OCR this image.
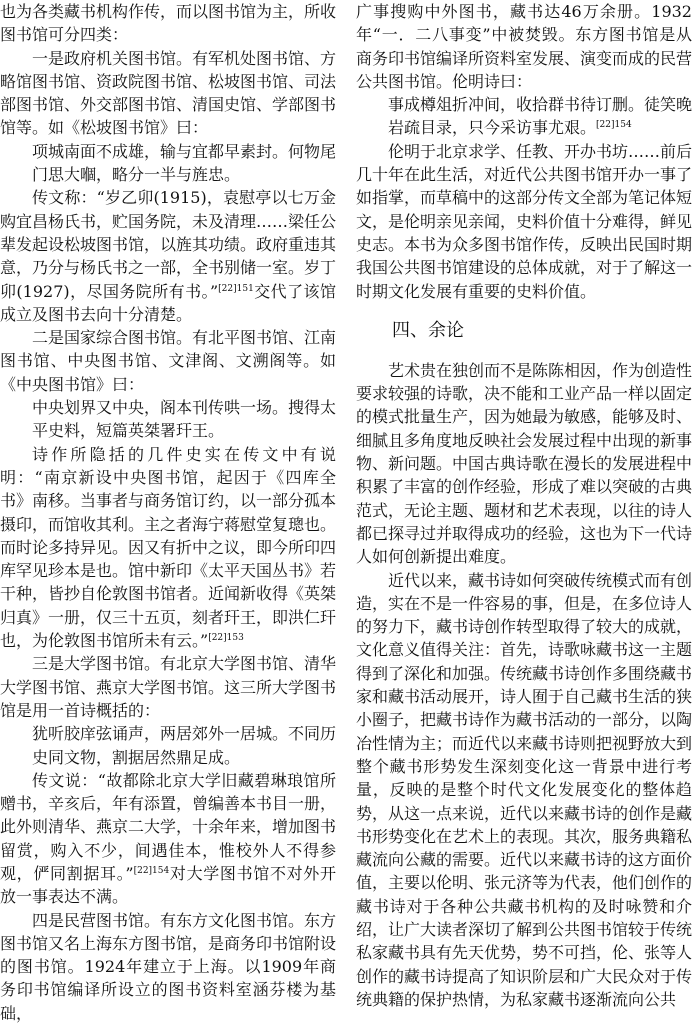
也为各类藏书机构作传，而以图书馆为主，所收图书馆可分四类：

一是政府机关图书馆。有军机处图书馆、方略馆图书馆、资政院图书馆、松坡图书馆、司法部图书馆、外交部图书馆、清国史馆、学部图书馆等。如《松坡图书馆》曰：

项城南面不成雄，输与宜都早素封。何物尾门思大嗰，略分一半与旌忠。

传文称：“岁乙卯(1915)，袁慰亭以七万金购宜昌杨氏书，贮国务院，未及清理……梁任公辈发起设松坡图书馆，以旌其功绩。政府重违其意，乃分与杨氏书之一部，全书别储一室。岁丁卯(1927)，尽国务院所有书。”$^{[22]151}$交代了该馆成立及图书去向十分清楚。

二是国家综合图书馆。有北平图书馆、江南图书馆、中央图书馆、文津阁、文溯阁等。如《中央图书馆》曰：

中央划界又中央，阁本刊传哄一场。搜得太平史料，短篇英桀署玕王。

诗作所隐括的几件史实在传文中有说明：“南京新设中央图书馆，起因于《四库全书》南移。当事者与商务馆订约，以一部分孤本摄印，而馆收其利。主之者海宁蒋慰堂复璁也。而时论多持异见。因又有折中之议，即今所印四库罕见珍本是也。馆中新印《太平天国丛书》若干种，皆抄自伦敦图书馆者。近闻新收得《英桀归真》一册，仅三十五页，刻者玕王，即洪仁玕也，为伦敦图书馆所未有云。”$^{[22]153}$

三是大学图书馆。有北京大学图书馆、清华大学图书馆、燕京大学图书馆。这三所大学图书馆是用一首诗概括的：

犹听胶庠弦诵声，两居郊外一居城。不同历史同文物，割据居然鼎足成。

传文说：“故都除北京大学旧藏碧琳琅馆所赠书，辛亥后，年有添置，曾编善本书目一册，此外则清华、燕京二大学，十余年来，增加图书留赏，购入不少，间遇佳本，惟校外人不得参观，俨同割据耳。”$^{[22]154}$对大学图书馆不对外开放一事表达不满。

四是民营图书馆。有东方文化图书馆。东方图书馆又名上海东方图书馆，是商务印书馆附设的图书馆。1924年建立于上海。以1909年商务印书馆编译所设立的图书资料室涵芬楼为基础，

广事搜购中外图书，藏书达46万余册。1932年“一．二八事变”中被焚毁。东方图书馆是从商务印书馆编译所资料室发展、演变而成的民营公共图书馆。伦明诗曰：

事成樽俎折冲间，收拾群书待订删。徒笑晚岩疏目录，只今采访事尤艰。$^{[22]154}$

伦明于北京求学、任教、开办书坊……前后几十年在此生活，对近代公共图书馆开办一事了如指掌，而草稿中的这部分传文全部为笔记体短文，是伦明亲见亲闻，史料价值十分难得，鲜见史志。本书为众多图书馆作传，反映出民国时期我国公共图书馆建设的总体成就，对于了解这一时期文化发展有重要的史料价值。

四、余论

艺术贵在独创而不是陈陈相因，作为创造性要求较强的诗歌，决不能和工业产品一样以固定的模式批量生产，因为她最为敏感，能够及时、细腻且多角度地反映社会发展过程中出现的新事物、新问题。中国古典诗歌在漫长的发展进程中积累了丰富的创作经验，形成了难以突破的古典范式，无论主题、题材和艺术表现，以往的诗人都已探寻过并取得成功的经验，这也为下一代诗人如何创新提出难度。

近代以来，藏书诗如何突破传统模式而有创造，实在不是一件容易的事，但是，在多位诗人的努力下，藏书诗创作转型取得了较大的成就，文化意义值得关注：首先，诗歌咏藏书这一主题得到了深化和加强。传统藏书诗创作多围绕藏书家和藏书活动展开，诗人囿于自己藏书生活的狭小圈子，把藏书诗作为藏书活动的一部分，以陶冶性情为主；而近代以来藏书诗则把视野放大到整个藏书形势发生深刻变化这一背景中进行考量，反映的是整个时代文化发展变化的整体趋势，从这一点来说，近代以来藏书诗的创作是藏书形势变化在艺术上的表现。其次，服务典籍私藏流向公藏的需要。近代以来藏书诗的这方面价值，主要以伦明、张元济等为代表，他们创作的藏书诗对于各种公共藏书机构的及时咏赞和介绍，让广大读者深切了解到公共图书馆较于传统私家藏书具有先天优势，势不可挡，伦、张等人创作的藏书诗提高了知识阶层和广大民众对于传统典籍的保护热情，为私家藏书逐渐流向公共
